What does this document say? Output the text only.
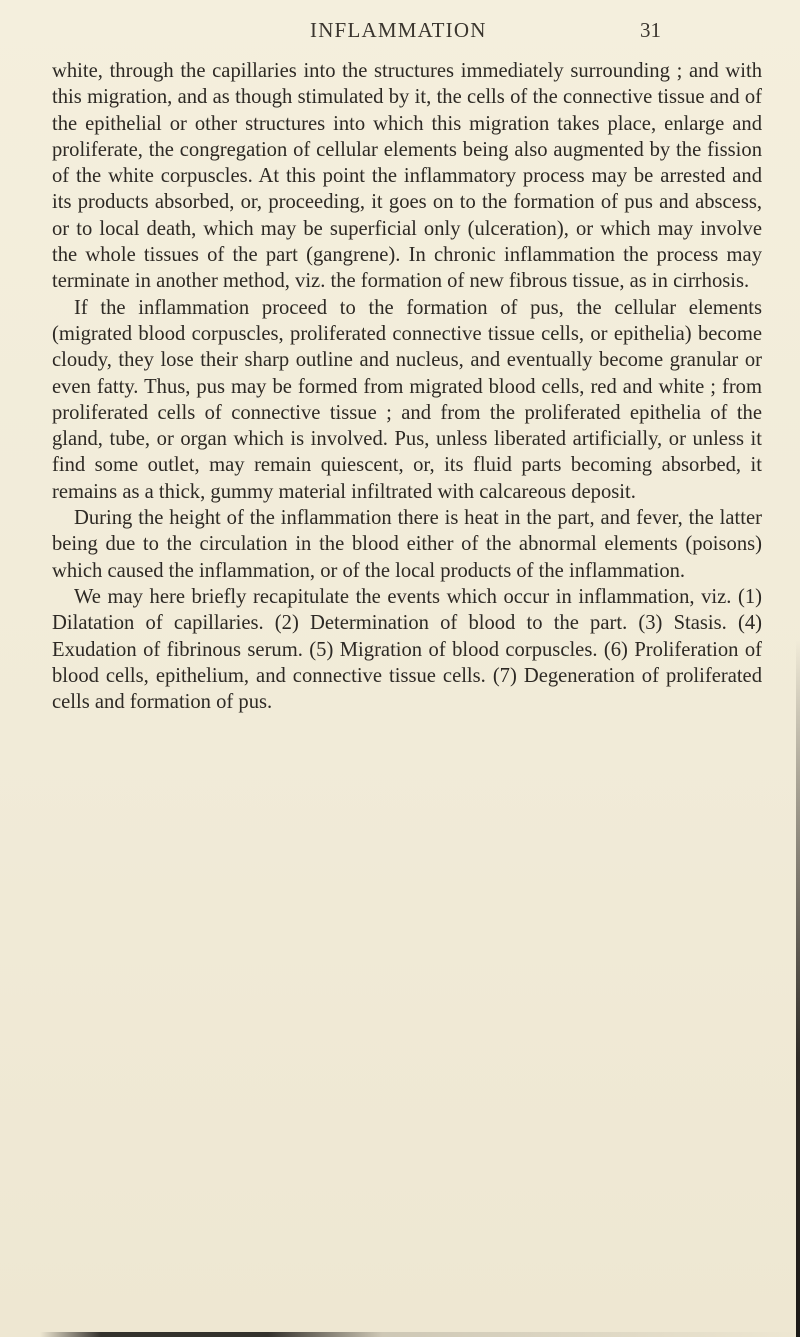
INFLAMMATION	31

white, through the capillaries into the structures immediately surrounding ; and with this migration, and as though stimulated by it, the cells of the connective tissue and of the epithelial or other structures into which this migration takes place, enlarge and proliferate, the congregation of cellular elements being also augmented by the fission of the white corpuscles. At this point the inflammatory process may be arrested and its products absorbed, or, proceeding, it goes on to the formation of pus and abscess, or to local death, which may be superficial only (ulceration), or which may involve the whole tissues of the part (gangrene). In chronic inflammation the process may terminate in another method, viz. the formation of new fibrous tissue, as in cirrhosis.

If the inflammation proceed to the formation of pus, the cellular elements (migrated blood corpuscles, proliferated connective tissue cells, or epithelia) become cloudy, they lose their sharp outline and nucleus, and eventually become granular or even fatty. Thus, pus may be formed from migrated blood cells, red and white ; from proliferated cells of connective tissue ; and from the proliferated epithelia of the gland, tube, or organ which is involved. Pus, unless liberated artificially, or unless it find some outlet, may remain quiescent, or, its fluid parts becoming absorbed, it remains as a thick, gummy material infiltrated with calcareous deposit.

During the height of the inflammation there is heat in the part, and fever, the latter being due to the circulation in the blood either of the abnormal elements (poisons) which caused the inflammation, or of the local products of the inflammation.

We may here briefly recapitulate the events which occur in inflammation, viz. (1) Dilatation of capillaries. (2) Determination of blood to the part. (3) Stasis. (4) Exudation of fibrinous serum. (5) Migration of blood corpuscles. (6) Proliferation of blood cells, epithelium, and connective tissue cells. (7) Degeneration of proliferated cells and formation of pus.
